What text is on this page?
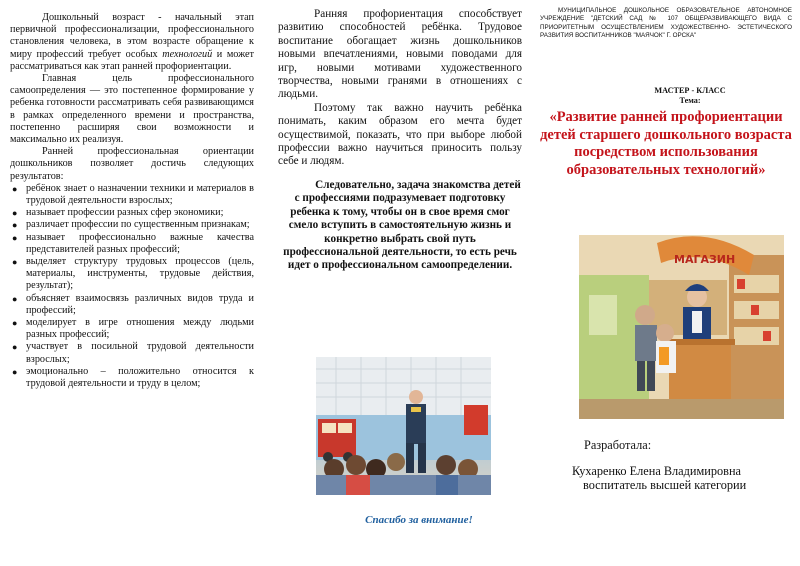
Дошкольный возраст - начальный этап первичной профессионализации, профессионального становления человека, в этом возрасте обращение к миру профессий требует особых технологий и может рассматриваться как этап ранней профориентации.

Главная цель профессионального самоопределения — это постепенное формирование у ребенка готовности рассматривать себя развивающимся в рамках определенного времени и пространства, постепенно расширяя свои возможности и максимально их реализуя.

Ранней профессиональная ориентации дошкольников позволяет достичь следующих результатов:

● ребёнок знает о назначении техники и материалов в трудовой деятельности взрослых;
● называет профессии разных сфер экономики;
● различает профессии по существенным признакам;
● называет профессионально важные качества представителей разных профессий;
● выделяет структуру трудовых процессов (цель, материалы, инструменты, трудовые действия, результат);
● объясняет взаимосвязь различных видов труда и профессий;
● моделирует в игре отношения между людьми разных профессий;
● участвует в посильной трудовой деятельности взрослых;
● эмоционально – положительно относится к трудовой деятельности и труду в целом;

Ранняя профориентация способствует развитию способностей ребёнка. Трудовое воспитание обогащает жизнь дошкольников новыми впечатлениями, новыми поводами для игр, новыми мотивами художественного творчества, новыми гранями в отношениях с людьми.

Поэтому так важно научить ребёнка понимать, каким образом его мечта будет осуществимой, показать, что при выборе любой профессии важно научиться приносить пользу себе и людям.

Следовательно, задача знакомства детей с профессиями подразумевает подготовку ребенка к тому, чтобы он в свое время смог смело вступить в самостоятельную жизнь и конкретно выбрать свой путь профессиональной деятельности, то есть речь идет о профессиональном самоопределении.

Спасибо за внимание!

МУНИЦИПАЛЬНОЕ ДОШКОЛЬНОЕ ОБРАЗОВАТЕЛЬНОЕ АВТОНОМНОЕ УЧРЕЖДЕНИЕ "ДЕТСКИЙ САД № 107 ОБЩЕРАЗВИВАЮЩЕГО ВИДА С ПРИОРИТЕТНЫМ ОСУЩЕСТВЛЕНИЕМ ХУДОЖЕСТВЕННО- ЭСТЕТИЧЕСКОГО РАЗВИТИЯ ВОСПИТАННИКОВ "МАЯЧОК" Г. ОРСКА"

МАСТЕР - КЛАСС
Тема:

«Развитие ранней профориентации детей старшего дошкольного возраста посредством использования образовательных технологий»

МАГАЗИН
Разработала:
Кухаренко Елена Владимировна
воспитатель высшей категории
